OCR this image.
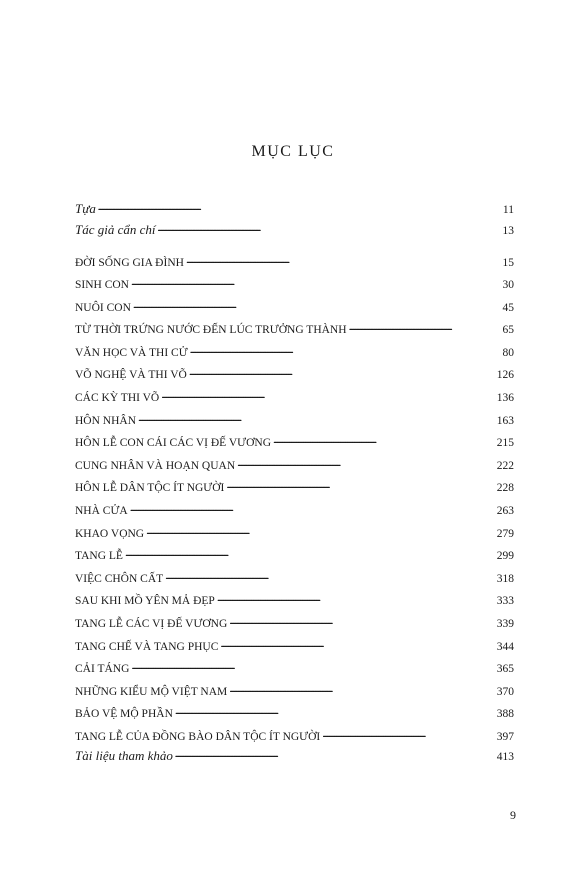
MỤC LỤC
Tựa . . .	11
Tác giả cẩn chí . . .	13
ĐỜI SỐNG GIA ĐÌNH . . .	15
SINH CON . . .	30
NUÔI CON . . .	45
TỪ THỜI TRỨNG NƯỚC ĐẾN LÚC TRƯỞNG THÀNH . . .	65
VĂN HỌC VÀ THI CỬ . . .	80
VÕ NGHỆ VÀ THI VÕ . . .	126
CÁC KỲ THI VÕ . . .	136
HÔN NHÂN . . .	163
HÔN LỄ CON CÁI CÁC VỊ ĐẾ VƯƠNG . . .	215
CUNG NHÂN VÀ HOẠN QUAN . . .	222
HÔN LỄ DÂN TỘC ÍT NGƯỜI . . .	228
NHÀ CỬA . . .	263
KHAO VỌNG . . .	279
TANG LỄ . . .	299
VIỆC CHÔN CẤT . . .	318
SAU KHI MỒ YÊN MẢ ĐẸP . . .	333
TANG LỄ CÁC VỊ ĐẾ VƯƠNG . . .	339
TANG CHẾ VÀ TANG PHỤC . . .	344
CẢI TÁNG . . .	365
NHỮNG KIỂU MỘ VIỆT NAM . . .	370
BẢO VỆ MỘ PHẦN . . .	388
TANG LỄ CỦA ĐỒNG BÀO DÂN TỘC ÍT NGƯỜI . . .	397
Tài liệu tham khảo . . .	413
9
